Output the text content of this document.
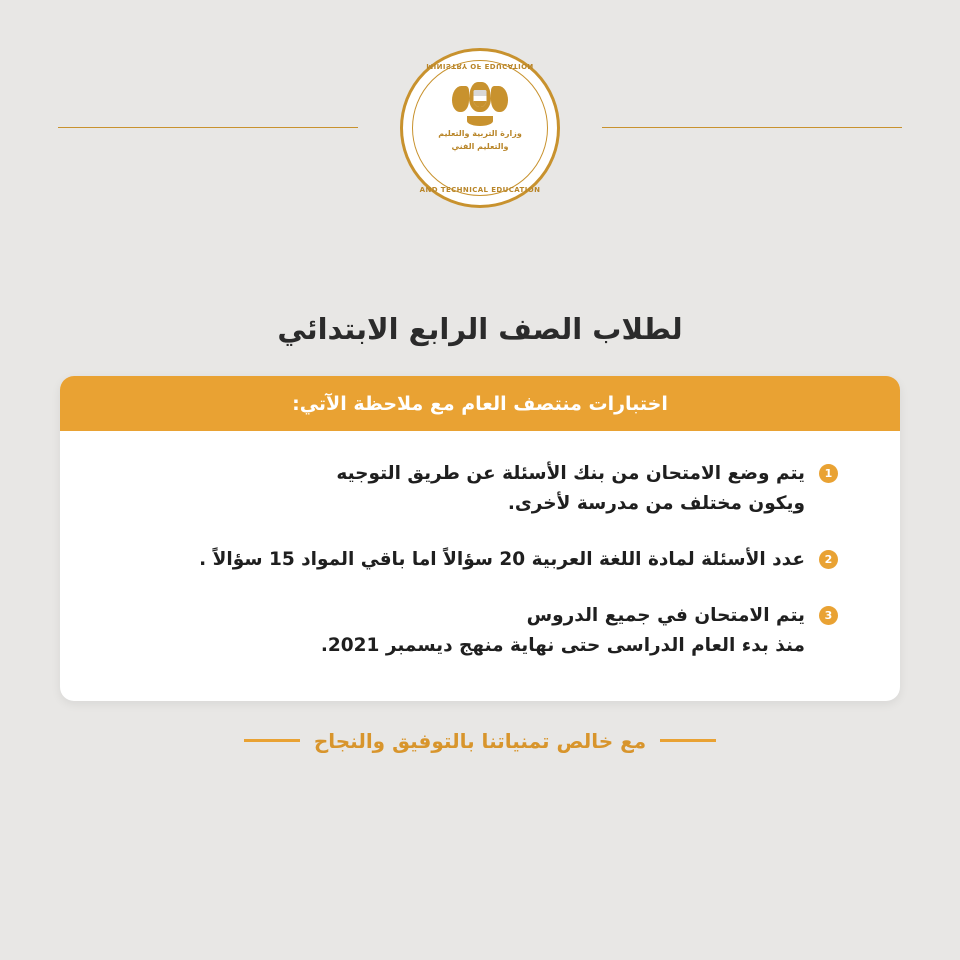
MINISTRY OF EDUCATION
وزارة التربية والتعليم
والتعليم الفني
AND TECHNICAL EDUCATION
لطلاب الصف الرابع الابتدائي
اختبارات منتصف العام مع ملاحظة الآتي:
1
يتم وضع الامتحان من بنك الأسئلة عن طريق التوجيه
ويكون مختلف من مدرسة لأخرى.
2
عدد الأسئلة لمادة اللغة العربية 20 سؤالاً اما باقي المواد 15 سؤالاً .
3
يتم الامتحان في جميع الدروس
منذ بدء العام الدراسى حتى نهاية منهج ديسمبر 2021.
مع خالص تمنياتنا بالتوفيق والنجاح
